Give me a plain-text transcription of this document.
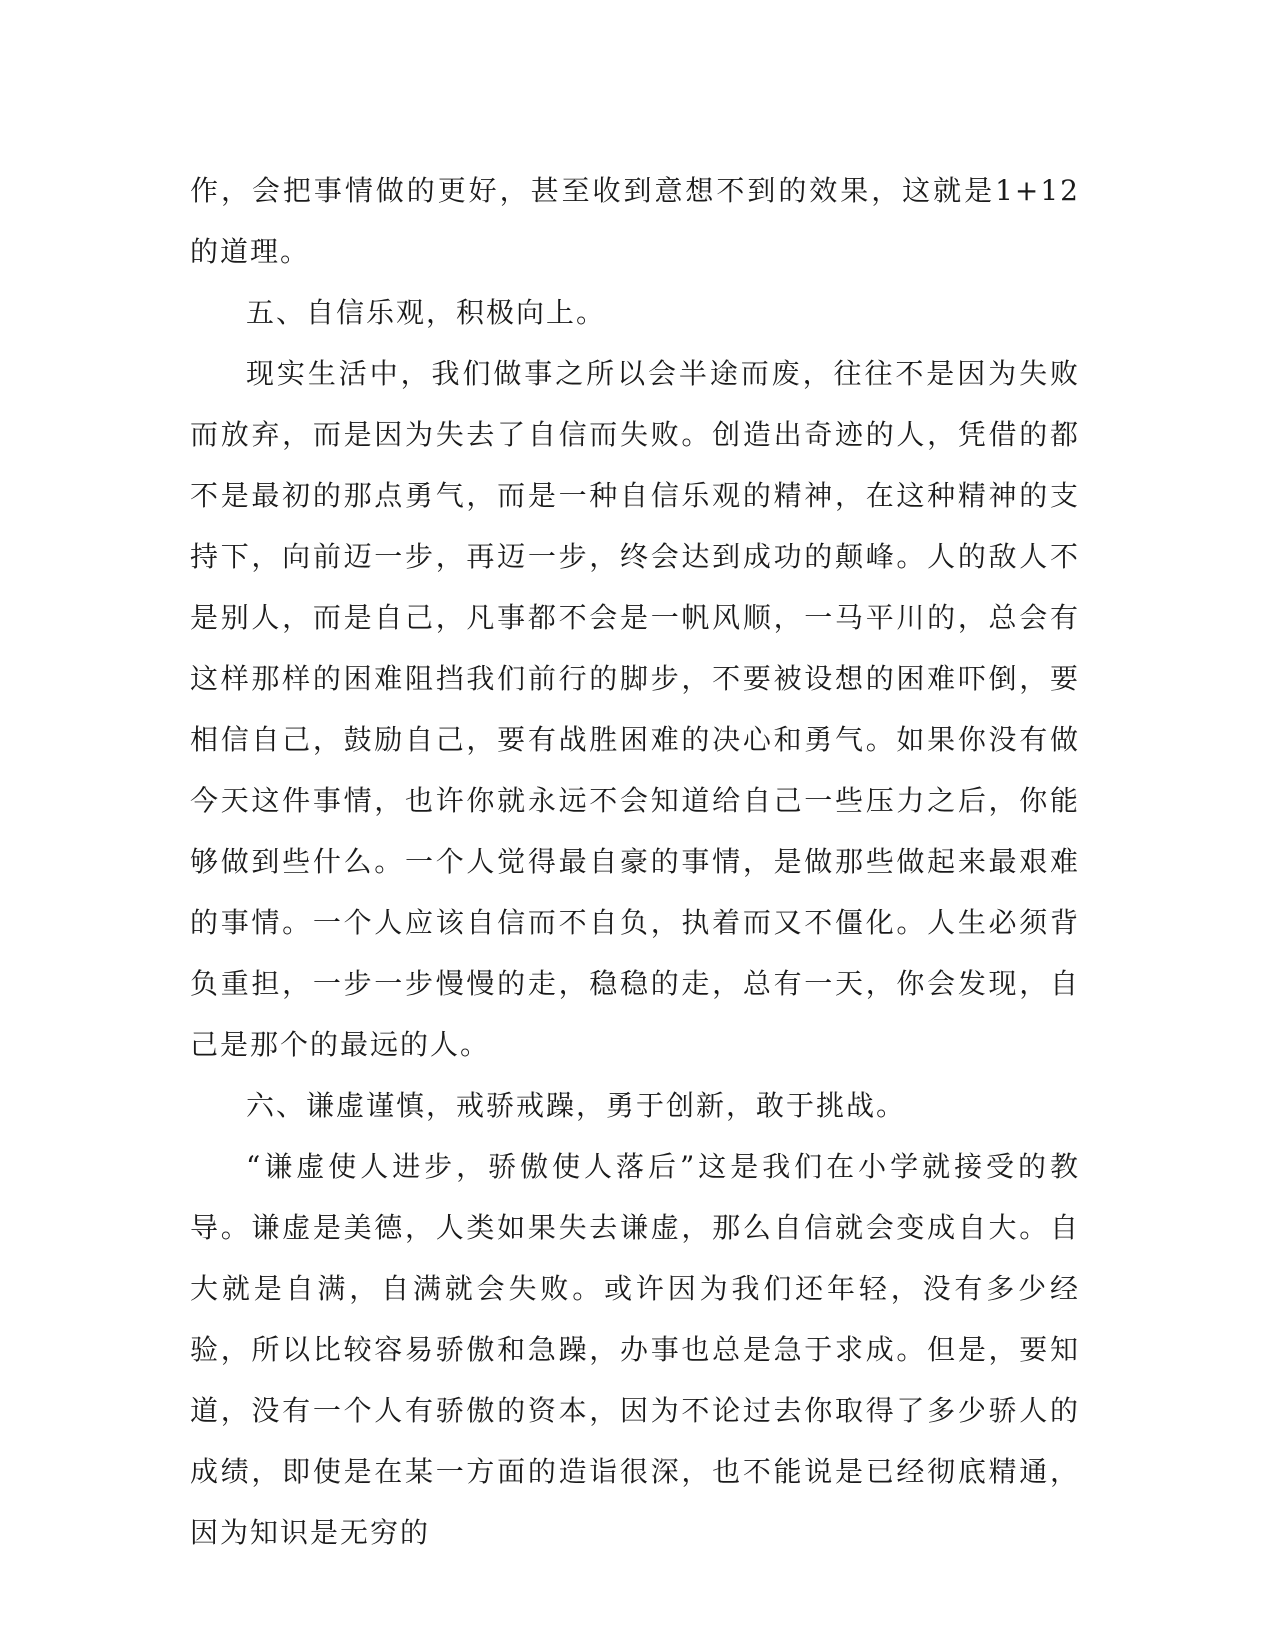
作，会把事情做的更好，甚至收到意想不到的效果，这就是1+12的道理。

五、自信乐观，积极向上。

现实生活中，我们做事之所以会半途而废，往往不是因为失败而放弃，而是因为失去了自信而失败。创造出奇迹的人，凭借的都不是最初的那点勇气，而是一种自信乐观的精神，在这种精神的支持下，向前迈一步，再迈一步，终会达到成功的颠峰。人的敌人不是别人，而是自己，凡事都不会是一帆风顺，一马平川的，总会有这样那样的困难阻挡我们前行的脚步，不要被设想的困难吓倒，要相信自己，鼓励自己，要有战胜困难的决心和勇气。如果你没有做今天这件事情，也许你就永远不会知道给自己一些压力之后，你能够做到些什么。一个人觉得最自豪的事情，是做那些做起来最艰难的事情。一个人应该自信而不自负，执着而又不僵化。人生必须背负重担，一步一步慢慢的走，稳稳的走，总有一天，你会发现，自己是那个的最远的人。

六、谦虚谨慎，戒骄戒躁，勇于创新，敢于挑战。

“谦虚使人进步，骄傲使人落后”这是我们在小学就接受的教导。谦虚是美德，人类如果失去谦虚，那么自信就会变成自大。自大就是自满，自满就会失败。或许因为我们还年轻，没有多少经验，所以比较容易骄傲和急躁，办事也总是急于求成。但是，要知道，没有一个人有骄傲的资本，因为不论过去你取得了多少骄人的成绩，即使是在某一方面的造诣很深，也不能说是已经彻底精通，因为知识是无穷的
